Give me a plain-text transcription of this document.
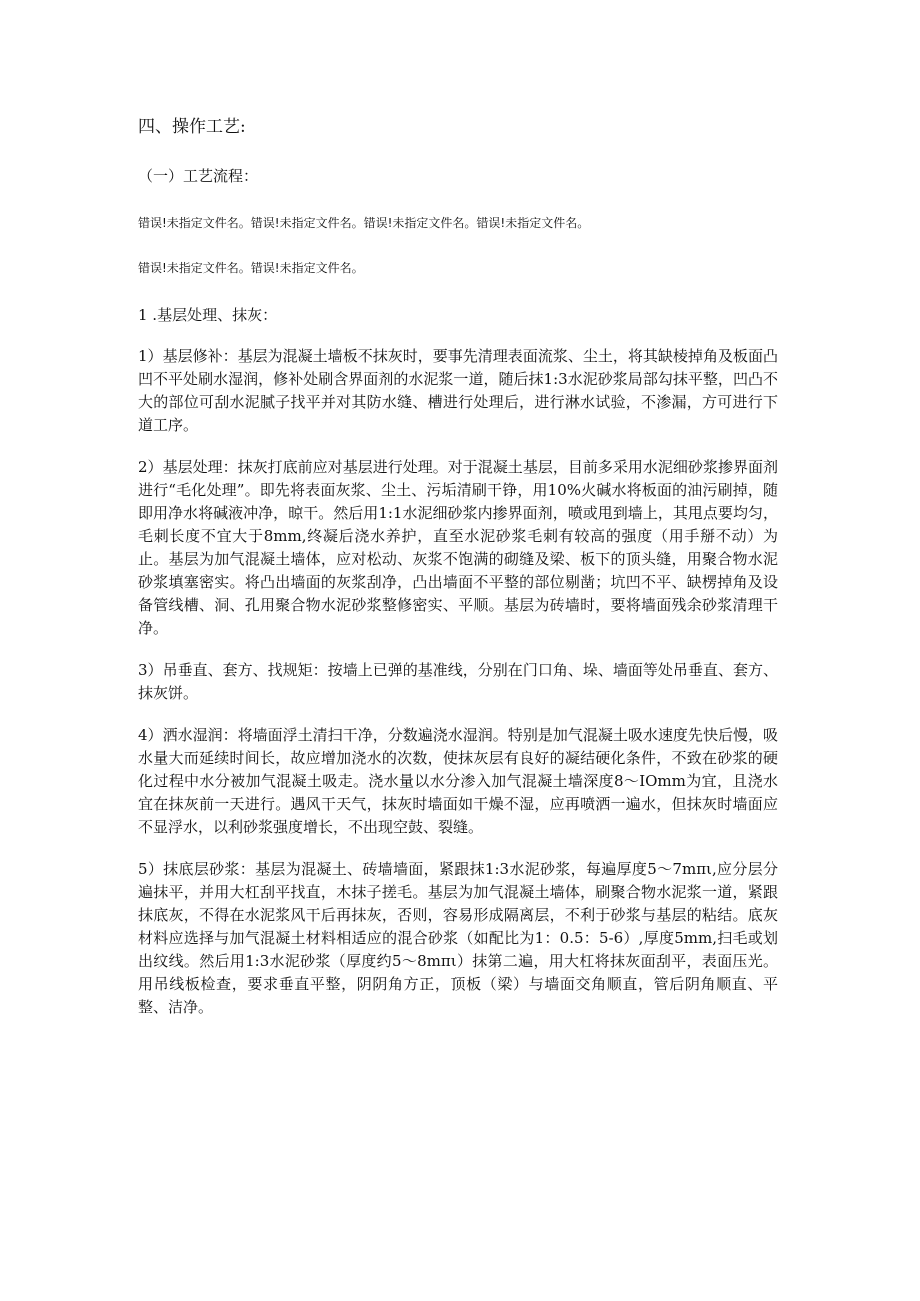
四、操作工艺:

（一）工艺流程：

错误!未指定文件名。错误!未指定文件名。错误!未指定文件名。错误!未指定文件名。

错误!未指定文件名。错误!未指定文件名。

1 .基层处理、抹灰：

1）基层修补：基层为混凝土墙板不抹灰时，要事先清理表面流浆、尘土，将其缺棱掉角及板面凸凹不平处刷水湿润，修补处刷含界面剂的水泥浆一道，随后抹1:3水泥砂浆局部勾抹平整，凹凸不大的部位可刮水泥腻子找平并对其防水缝、槽进行处理后，进行淋水试验，不渗漏，方可进行下道工序。

2）基层处理：抹灰打底前应对基层进行处理。对于混凝土基层，目前多采用水泥细砂浆掺界面剂进行“毛化处理”。即先将表面灰浆、尘土、污垢清刷干铮，用10%火碱水将板面的油污刷掉，随即用净水将碱液冲净，晾干。然后用1:1水泥细砂浆内掺界面剂，喷或甩到墙上，其甩点要均匀，毛刺长度不宜大于8mm,终凝后浇水养护，直至水泥砂浆毛刺有较高的强度（用手掰不动）为止。基层为加气混凝土墙体，应对松动、灰浆不饱满的砌缝及梁、板下的顶头缝，用聚合物水泥砂浆填塞密实。将凸出墙面的灰浆刮净，凸出墙面不平整的部位剔凿；坑凹不平、缺楞掉角及设备管线槽、洞、孔用聚合物水泥砂浆整修密实、平顺。基层为砖墙时，要将墙面残余砂浆清理干净。

3）吊垂直、套方、找规矩：按墙上已弹的基准线，分别在门口角、垛、墙面等处吊垂直、套方、抹灰饼。

4）洒水湿润：将墙面浮土清扫干净，分数遍浇水湿润。特别是加气混凝土吸水速度先快后慢，吸水量大而延续时间长，故应增加浇水的次数，使抹灰层有良好的凝结硬化条件，不致在砂浆的硬化过程中水分被加气混凝土吸走。浇水量以水分渗入加气混凝土墙深度8～IOmm为宜，且浇水宜在抹灰前一天进行。遇风干天气，抹灰时墙面如干燥不湿，应再喷洒一遍水，但抹灰时墙面应不显浮水，以利砂浆强度增长，不出现空鼓、裂缝。

5）抹底层砂浆：基层为混凝土、砖墙墙面，紧跟抹1:3水泥砂浆，每遍厚度5～7mπι,应分层分遍抹平，并用大杠刮平找直，木抹子搓毛。基层为加气混凝土墙体，刷聚合物水泥浆一道，紧跟抹底灰，不得在水泥浆风干后再抹灰，否则，容易形成隔离层，不利于砂浆与基层的粘结。底灰材料应选择与加气混凝土材料相适应的混合砂浆（如配比为1：0.5：5-6）,厚度5mm,扫毛或划出纹线。然后用1:3水泥砂浆（厚度约5～8mπι）抹第二遍，用大杠将抹灰面刮平，表面压光。用吊线板检查，要求垂直平整，阴阴角方正，顶板（梁）与墙面交角顺直，管后阴角顺直、平整、洁净。
